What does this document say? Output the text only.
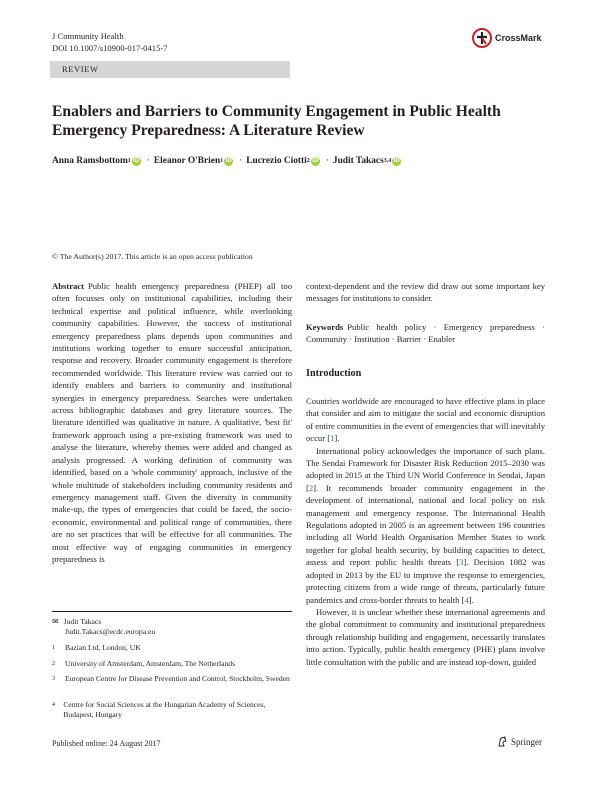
J Community Health
DOI 10.1007/s10900-017-0415-7
CrossMark
REVIEW
Enablers and Barriers to Community Engagement in Public Health Emergency Preparedness: A Literature Review
Anna Ramsbottom 1 iD · Eleanor O'Brien 1 iD · Lucrezio Ciotti 2 iD · Judit Takacs 3,4 iD
© The Author(s) 2017. This article is an open access publication
Abstract Public health emergency preparedness (PHEP) all too often focusses only on institutional capabilities, including their technical expertise and political influence, while overlooking community capabilities. However, the success of institutional emergency preparedness plans depends upon communities and institutions working together to ensure successful anticipation, response and recovery. Broader community engagement is therefore recommended worldwide. This literature review was carried out to identify enablers and barriers to community and institutional synergies in emergency preparedness. Searches were undertaken across bibliographic databases and grey literature sources. The literature identified was qualitative in nature. A qualitative, 'best fit' framework approach using a pre-existing framework was used to analyse the literature, whereby themes were added and changed as analysis progressed. A working definition of community was identified, based on a 'whole community' approach, inclusive of the whole multitude of stakeholders including community residents and emergency management staff. Given the diversity in community make-up, the types of emergencies that could be faced, the socio-economic, environmental and political range of communities, there are no set practices that will be effective for all communities. The most effective way of engaging communities in emergency preparedness is
context-dependent and the review did draw out some important key messages for institutions to consider.
Keywords Public health policy · Emergency preparedness · Community · Institution · Barrier · Enabler
Introduction

Countries worldwide are encouraged to have effective plans in place that consider and aim to mitigate the social and economic disruption of entire communities in the event of emergencies that will inevitably occur [1].

International policy acknowledges the importance of such plans. The Sendai Framework for Disaster Risk Reduction 2015–2030 was adopted in 2015 at the Third UN World Conference in Sendai, Japan [2]. It recommends broader community engagement in the development of international, national and local policy on risk management and emergency response. The International Health Regulations adopted in 2005 is an agreement between 196 countries including all World Health Organisation Member States to work together for global health security, by building capacities to detect, assess and report public health threats [3]. Decision 1082 was adopted in 2013 by the EU to improve the response to emergencies, protecting citizens from a wide range of threats, particularly future pandemics and cross-border threats to health [4].

However, it is unclear whether these international agreements and the global commitment to community and institutional preparedness through relationship building and engagement, necessarily translates into action. Typically, public health emergency (PHE) plans involve little consultation with the public and are instead top-down, guided

✉ Judit Takacs
Judit.Takacs@ecdc.europa.eu
1	Bazian Ltd, London, UK
2	University of Amsterdam, Amsterdam, The Netherlands
3	European Centre for Disease Prevention and Control, Stockholm, Sweden
4	Centre for Social Sciences at the Hungarian Academy of Sciences, Budapest, Hungary
Published online: 24 August 2017	Springer
